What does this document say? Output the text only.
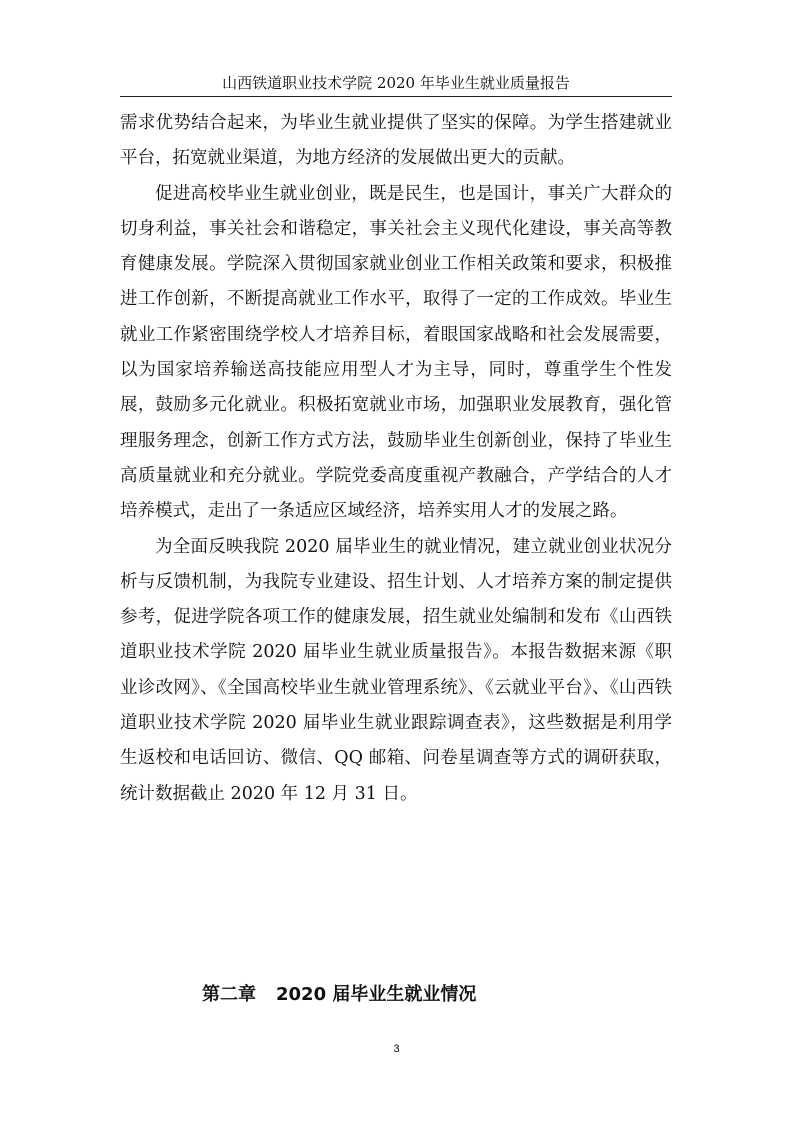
山西铁道职业技术学院 2020 年毕业生就业质量报告

需求优势结合起来，为毕业生就业提供了坚实的保障。为学生搭建就业平台，拓宽就业渠道，为地方经济的发展做出更大的贡献。

促进高校毕业生就业创业，既是民生，也是国计，事关广大群众的切身利益，事关社会和谐稳定，事关社会主义现代化建设，事关高等教育健康发展。学院深入贯彻国家就业创业工作相关政策和要求，积极推进工作创新，不断提高就业工作水平，取得了一定的工作成效。毕业生就业工作紧密围绕学校人才培养目标，着眼国家战略和社会发展需要，以为国家培养输送高技能应用型人才为主导，同时，尊重学生个性发展，鼓励多元化就业。积极拓宽就业市场，加强职业发展教育，强化管理服务理念，创新工作方式方法，鼓励毕业生创新创业，保持了毕业生高质量就业和充分就业。学院党委高度重视产教融合，产学结合的人才培养模式，走出了一条适应区域经济，培养实用人才的发展之路。

为全面反映我院 2020 届毕业生的就业情况，建立就业创业状况分析与反馈机制，为我院专业建设、招生计划、人才培养方案的制定提供参考，促进学院各项工作的健康发展，招生就业处编制和发布《山西铁道职业技术学院 2020 届毕业生就业质量报告》。本报告数据来源《职业诊改网》、《全国高校毕业生就业管理系统》、《云就业平台》、《山西铁道职业技术学院 2020 届毕业生就业跟踪调查表》，这些数据是利用学生返校和电话回访、微信、QQ 邮箱、问卷星调查等方式的调研获取，统计数据截止 2020 年 12 月 31 日。

第二章 2020 届毕业生就业情况
3
